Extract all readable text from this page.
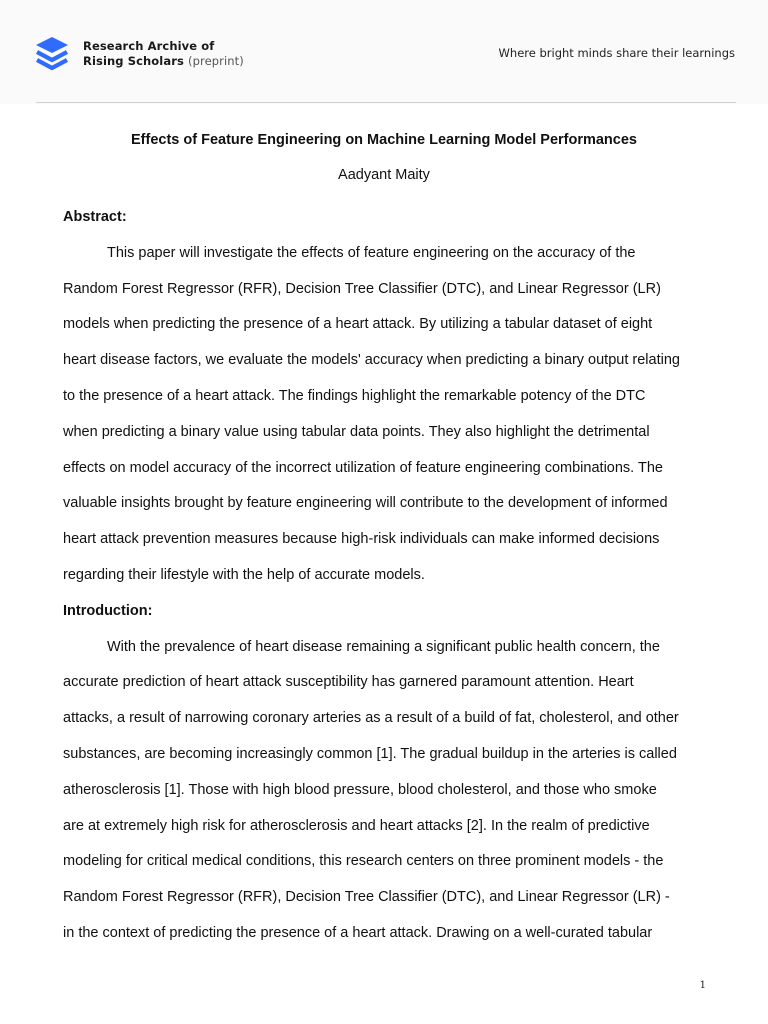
Research Archive of
Rising Scholars (preprint)
Where bright minds share their learnings
Effects of Feature Engineering on Machine Learning Model Performances
Aadyant Maity
Abstract:
This paper will investigate the effects of feature engineering on the accuracy of the
Random Forest Regressor (RFR), Decision Tree Classifier (DTC), and Linear Regressor (LR)
models when predicting the presence of a heart attack. By utilizing a tabular dataset of eight
heart disease factors, we evaluate the models' accuracy when predicting a binary output relating
to the presence of a heart attack. The findings highlight the remarkable potency of the DTC
when predicting a binary value using tabular data points. They also highlight the detrimental
effects on model accuracy of the incorrect utilization of feature engineering combinations. The
valuable insights brought by feature engineering will contribute to the development of informed
heart attack prevention measures because high-risk individuals can make informed decisions
regarding their lifestyle with the help of accurate models.
Introduction:
With the prevalence of heart disease remaining a significant public health concern, the
accurate prediction of heart attack susceptibility has garnered paramount attention. Heart
attacks, a result of narrowing coronary arteries as a result of a build of fat, cholesterol, and other
substances, are becoming increasingly common [1]. The gradual buildup in the arteries is called
atherosclerosis [1]. Those with high blood pressure, blood cholesterol, and those who smoke
are at extremely high risk for atherosclerosis and heart attacks [2]. In the realm of predictive
modeling for critical medical conditions, this research centers on three prominent models - the
Random Forest Regressor (RFR), Decision Tree Classifier (DTC), and Linear Regressor (LR) -
in the context of predicting the presence of a heart attack. Drawing on a well-curated tabular
1
